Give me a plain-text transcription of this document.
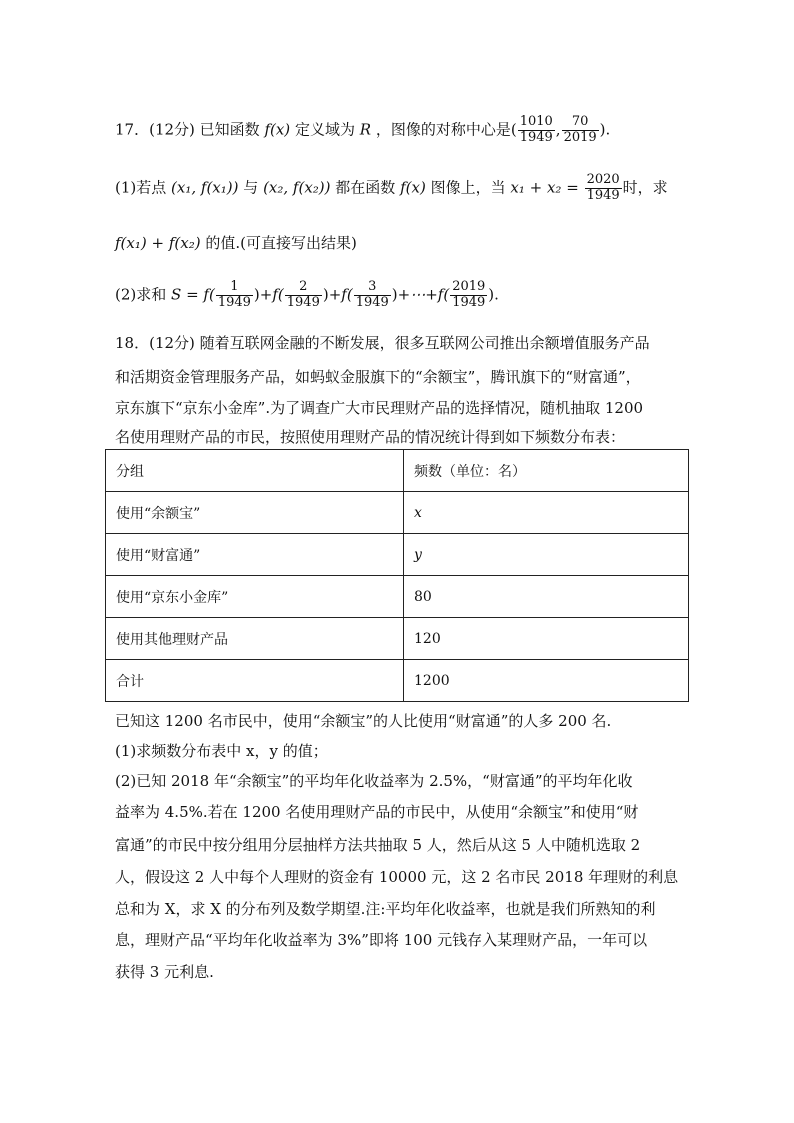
17．(12分) 已知函数 f(x) 定义域为 R ，图像的对称中心是( $\frac{1010}{1949}$ , $\frac{70}{2019}$ ).
(1)若点 (x₁, f(x₁)) 与 (x₂, f(x₂)) 都在函数 f(x) 图像上，当 $x_1 + x_2 = \frac{2020}{1949}$ 时，求
f(x₁) + f(x₂) 的值.(可直接写出结果)
(2)求和 $S = f( \frac{1}{1949} )+f( \frac{2}{1949} )+f( \frac{3}{1949}$ )+⋯+f( $\frac{2019}{1949}$ ).
18．(12分) 随着互联网金融的不断发展，很多互联网公司推出余额增值服务产品
和活期资金管理服务产品，如蚂蚁金服旗下的“余额宝”，腾讯旗下的“财富通”，
京东旗下“京东小金库”.为了调查广大市民理财产品的选择情况，随机抽取 1200
名使用理财产品的市民，按照使用理财产品的情况统计得到如下频数分布表：
分组	频数（单位：名）
使用“余额宝”	x
使用“财富通”	y
使用“京东小金库”	80
使用其他理财产品	120
合计	1200
已知这 1200 名市民中，使用“余额宝”的人比使用“财富通”的人多 200 名.
(1)求频数分布表中 x，y 的值；
(2)已知 2018 年“余额宝”的平均年化收益率为 2.5%，“财富通”的平均年化收
益率为 4.5%.若在 1200 名使用理财产品的市民中，从使用“余额宝”和使用“财
富通”的市民中按分组用分层抽样方法共抽取 5 人，然后从这 5 人中随机选取 2
人，假设这 2 人中每个人理财的资金有 10000 元，这 2 名市民 2018 年理财的利息
总和为 X，求 X 的分布列及数学期望.注:平均年化收益率，也就是我们所熟知的利
息，理财产品“平均年化收益率为 3%”即将 100 元钱存入某理财产品，一年可以
获得 3 元利息.
